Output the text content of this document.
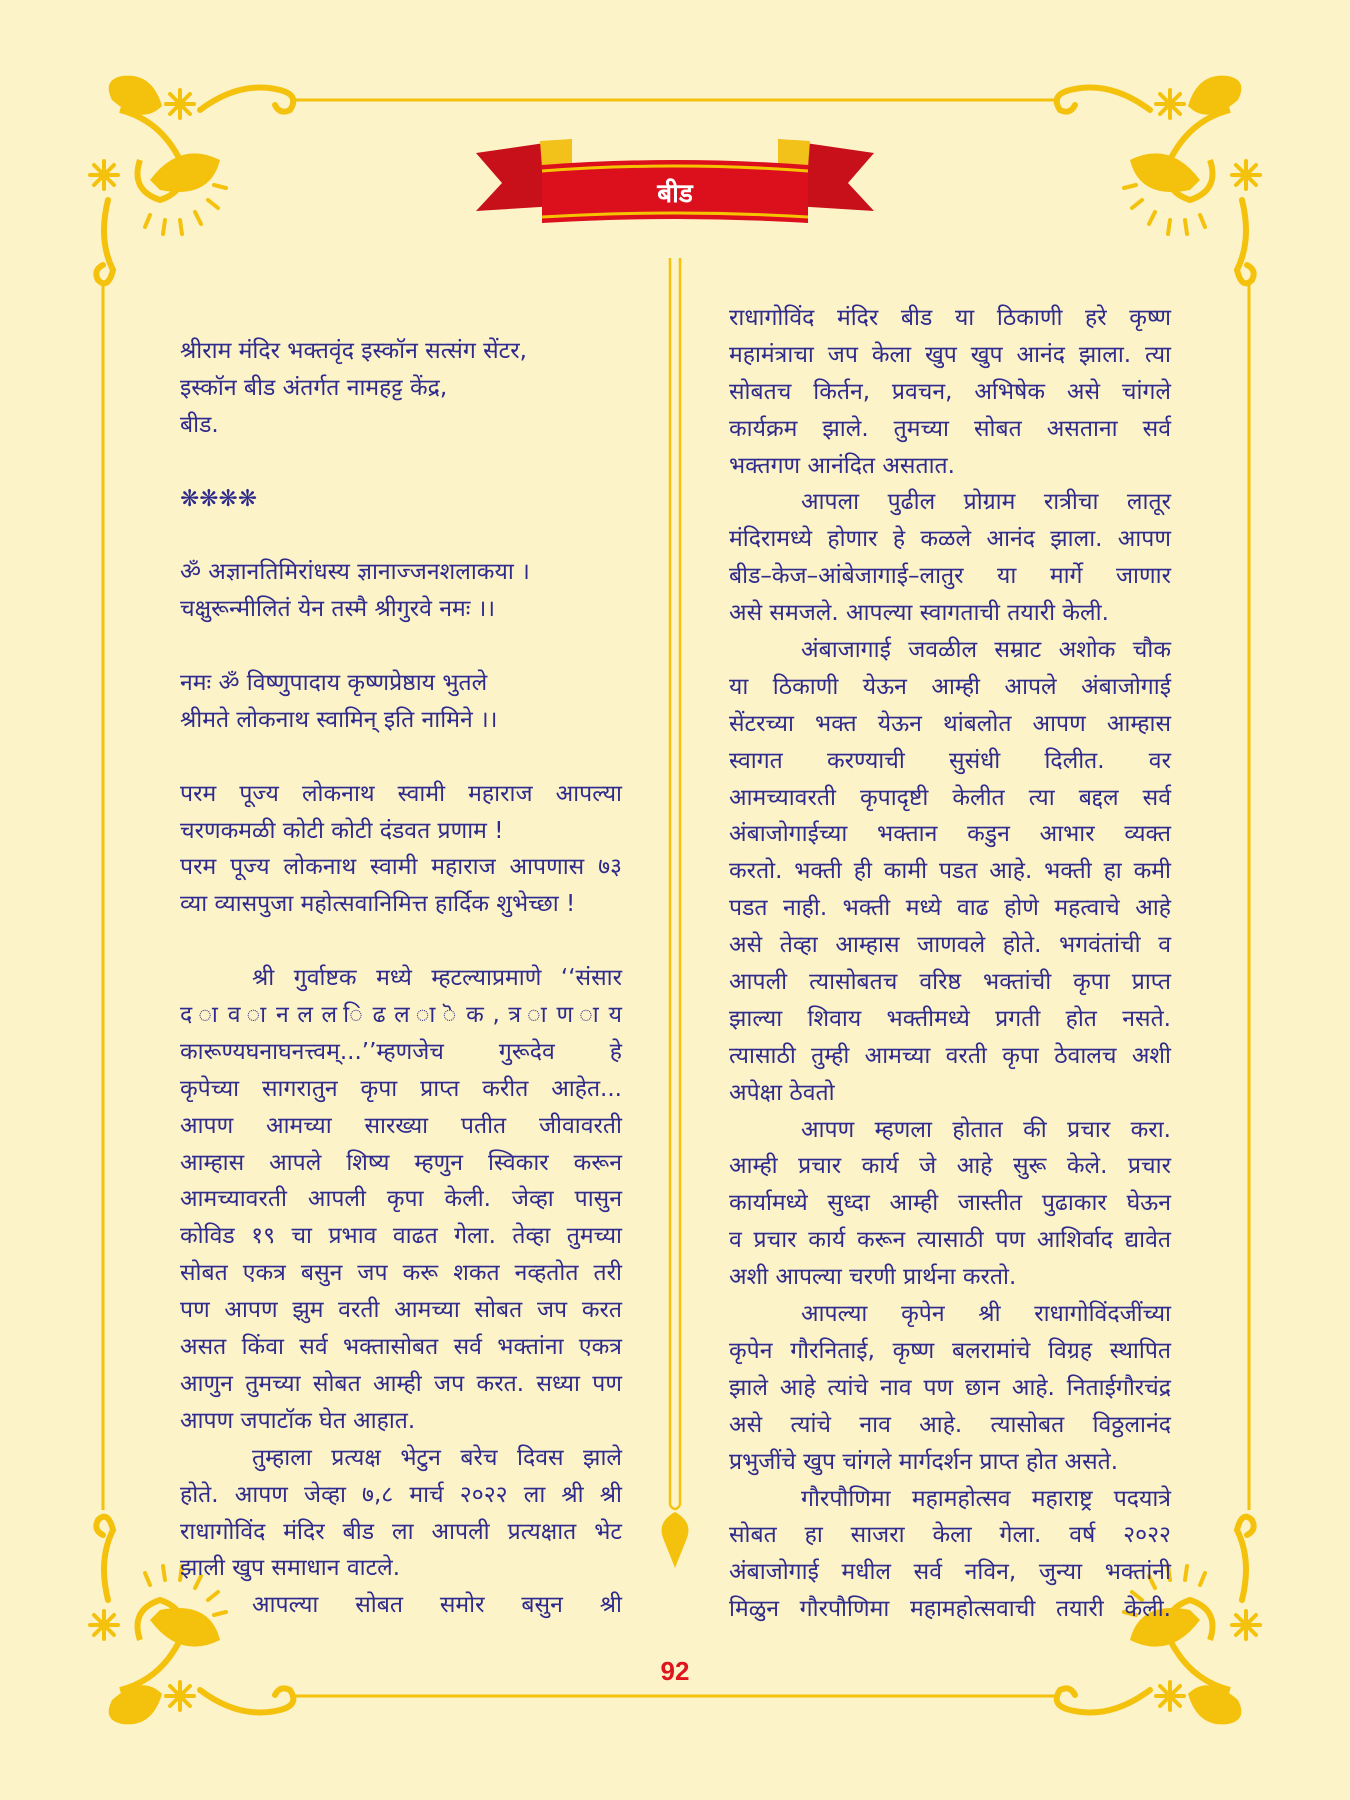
बीड
श्रीराम मंदिर भक्तवृंद इस्कॉन सत्संग सेंटर,
इस्कॉन बीड अंतर्गत नामहट्ट केंद्र,
बीड.
❋❋❋❋
ॐ अज्ञानतिमिरांधस्य ज्ञानाज्जनशलाकया ।
चक्षुरून्मीलितं येन तस्मै श्रीगुरवे नमः ।।
नमः ॐ विष्णुपादाय कृष्णप्रेष्ठाय भुतले
श्रीमते लोकनाथ स्वामिन् इति नामिने ।।
परम पूज्य लोकनाथ स्वामी महाराज आपल्या
चरणकमळी कोटी कोटी दंडवत प्रणाम !
परम पूज्य लोकनाथ स्वामी महाराज आपणास ७३
व्या व्यासपुजा महोत्सवानिमित्त हार्दिक शुभेच्छा !
श्री गुर्वाष्टक मध्ये म्हटल्याप्रमाणे ‘‘संसार
द ा व ा न ल ल ि ढ ल ा ॆ क , त्र ा ण ा य
कारूण्यघनाघनत्त्वम्...’’म्हणजेच गुरूदेव हे
कृपेच्या सागरातुन कृपा प्राप्त करीत आहेत...
आपण आमच्या सारख्या पतीत जीवावरती
आम्हास आपले शिष्य म्हणुन स्विकार करून
आमच्यावरती आपली कृपा केली. जेव्हा पासुन
कोविड १९ चा प्रभाव वाढत गेला. तेव्हा तुमच्या
सोबत एकत्र बसुन जप करू शकत नव्हतोत तरी
पण आपण झुम वरती आमच्या सोबत जप करत
असत किंवा सर्व भक्तासोबत सर्व भक्तांना एकत्र
आणुन तुमच्या सोबत आम्ही जप करत. सध्या पण
आपण जपाटॉक घेत आहात.
तुम्हाला प्रत्यक्ष भेटुन बरेच दिवस झाले
होते. आपण जेव्हा ७,८ मार्च २०२२ ला श्री श्री
राधागोविंद मंदिर बीड ला आपली प्रत्यक्षात भेट
झाली खुप समाधान वाटले.
आपल्या सोबत समोर बसुन श्री
राधागोविंद मंदिर बीड या ठिकाणी हरे कृष्ण
महामंत्राचा जप केला खुप खुप आनंद झाला. त्या
सोबतच किर्तन, प्रवचन, अभिषेक असे चांगले
कार्यक्रम झाले. तुमच्या सोबत असताना सर्व
भक्तगण आनंदित असतात.
आपला पुढील प्रोग्राम रात्रीचा लातूर
मंदिरामध्ये होणार हे कळले आनंद झाला. आपण
बीड–केज–आंबेजागाई–लातुर या मार्गे जाणार
असे समजले. आपल्या स्वागताची तयारी केली.
अंबाजागाई जवळील सम्राट अशोक चौक
या ठिकाणी येऊन आम्ही आपले अंबाजोगाई
सेंटरच्या भक्त येऊन थांबलोत आपण आम्हास
स्वागत करण्याची सुसंधी दिलीत. वर
आमच्यावरती कृपादृष्टी केलीत त्या बद्दल सर्व
अंबाजोगाईच्या भक्तान कडुन आभार व्यक्त
करतो. भक्ती ही कामी पडत आहे. भक्ती हा कमी
पडत नाही. भक्ती मध्ये वाढ होणे महत्वाचे आहे
असे तेव्हा आम्हास जाणवले होते. भगवंतांची व
आपली त्यासोबतच वरिष्ठ भक्तांची कृपा प्राप्त
झाल्या शिवाय भक्तीमध्ये प्रगती होत नसते.
त्यासाठी तुम्ही आमच्या वरती कृपा ठेवालच अशी
अपेक्षा ठेवतो
आपण म्हणला होतात की प्रचार करा.
आम्ही प्रचार कार्य जे आहे सुरू केले. प्रचार
कार्यामध्ये सुध्दा आम्ही जास्तीत पुढाकार घेऊन
व प्रचार कार्य करून त्यासाठी पण आशिर्वाद द्यावेत
अशी आपल्या चरणी प्रार्थना करतो.
आपल्या कृपेन श्री राधागोविंदजींच्या
कृपेन गौरनिताई, कृष्ण बलरामांचे विग्रह स्थापित
झाले आहे त्यांचे नाव पण छान आहे. निताईगौरचंद्र
असे त्यांचे नाव आहे. त्यासोबत विठ्ठलानंद
प्रभुजींचे खुप चांगले मार्गदर्शन प्राप्त होत असते.
गौरपौणिमा महामहोत्सव महाराष्ट्र पदयात्रे
सोबत हा साजरा केला गेला. वर्ष २०२२
अंबाजोगाई मधील सर्व नविन, जुन्या भक्तांनी
मिळुन गौरपौणिमा महामहोत्सवाची तयारी केली.
92
